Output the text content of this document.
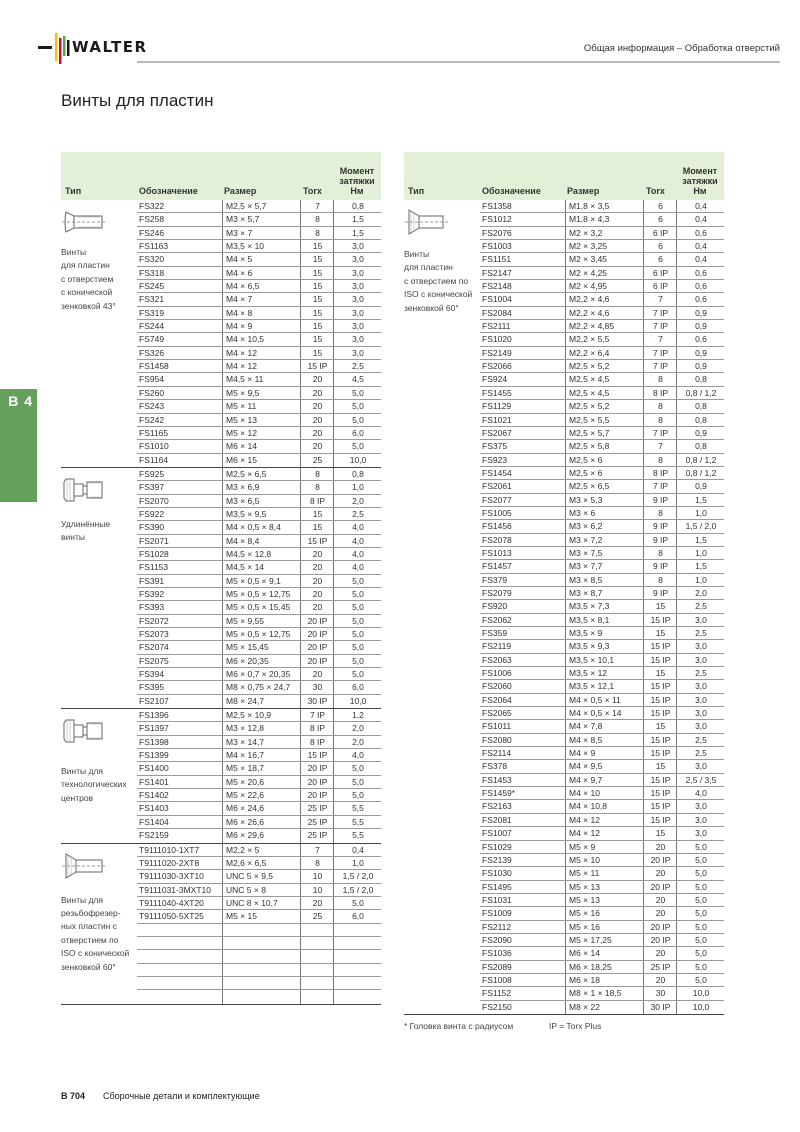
WALTER	Общая информация – Обработка отверстий
Винты для пластин
B 4
Тип	Обозначение	Размер	Torx
Момент
затяжки
Нм
Винты
для пластин
с отверстием
с конической
зенковкой 43°
FS322	M2,5 × 5,7	7	0,8
FS258	M3 × 5,7	8	1,5
FS246	M3 × 7	8	1,5
FS1163	M3,5 × 10	15	3,0
FS320	M4 × 5	15	3,0
FS318	M4 × 6	15	3,0
FS245	M4 × 6,5	15	3,0
FS321	M4 × 7	15	3,0
FS319	M4 × 8	15	3,0
FS244	M4 × 9	15	3,0
FS749	M4 × 10,5	15	3,0
FS326	M4 × 12	15	3,0
FS1458	M4 × 12	15 IP	2,5
FS954	M4,5 × 11	20	4,5
FS260	M5 × 9,5	20	5,0
FS243	M5 × 11	20	5,0
FS242	M5 × 13	20	5,0
FS1165	M5 × 12	20	6,0
FS1010	M6 × 14	20	5,0
FS1164	M6 × 15	25	10,0
Удлинённые
винты
FS925	M2,5 × 6,5	8	0,8
FS397	M3 × 6,9	8	1,0
FS2070	M3 × 6,5	8 IP	2,0
FS922	M3,5 × 9,5	15	2,5
FS390	M4 × 0,5 × 8,4	15	4,0
FS2071	M4 × 8,4	15 IP	4,0
FS1028	M4,5 × 12,8	20	4,0
FS1153	M4,5 × 14	20	4,0
FS391	M5 × 0,5 × 9,1	20	5,0
FS392	M5 × 0,5 × 12,75	20	5,0
FS393	M5 × 0,5 × 15,45	20	5,0
FS2072	M5 × 9,55	20 IP	5,0
FS2073	M5 × 0,5 × 12,75	20 IP	5,0
FS2074	M5 × 15,45	20 IP	5,0
FS2075	M6 × 20,35	20 IP	5,0
FS394	M6 × 0,7 × 20,35	20	5,0
FS395	M8 × 0,75 × 24,7	30	6,0
FS2107	M8 × 24,7	30 IP	10,0
Винты для
технологических
центров
FS1396	M2,5 × 10,9	7 IP	1,2
FS1397	M3 × 12,8	8 IP	2,0
FS1398	M3 × 14,7	8 IP	2,0
FS1399	M4 × 16,7	15 IP	4,0
FS1400	M5 × 18,7	20 IP	5,0
FS1401	M5 × 20,6	20 IP	5,0
FS1402	M5 × 22,6	20 IP	5,0
FS1403	M6 × 24,6	25 IP	5,5
FS1404	M6 × 26,6	25 IP	5,5
FS2159	M6 × 29,6	25 IP	5,5
Винты для
резьбофрезер-
ных пластин с
отверстием по
ISO с конической
зенковкой 60°
T9111010-1XT7	M2,2 × 5	7	0,4
T9111020-2XT8	M2,6 × 6,5	8	1,0
T9111030-3XT10	UNC 5 × 9,5	10	1,5 / 2,0
T9111031-3MXT10	UNC 5 × 8	10	1,5 / 2,0
T9111040-4XT20	UNC 8 × 10,7	20	5,0
T9111050-5XT25	M5 × 15	25	6,0
Тип	Обозначение	Размер	Torx
Момент
затяжки
Нм
Винты
для пластин
с отверстием по
ISO с конической
зенковкой 60°
FS1358	M1,8 × 3,5	6	0,4
FS1012	M1,8 × 4,3	6	0,4
FS2076	M2 × 3,2	6 IP	0,6
FS1003	M2 × 3,25	6	0,4
FS1151	M2 × 3,45	6	0,4
FS2147	M2 × 4,25	6 IP	0,6
FS2148	M2 × 4,95	6 IP	0,6
FS1004	M2,2 × 4,6	7	0,6
FS2084	M2,2 × 4,6	7 IP	0,9
FS2111	M2,2 × 4,85	7 IP	0,9
FS1020	M2,2 × 5,5	7	0,6
FS2149	M2,2 × 6,4	7 IP	0,9
FS2066	M2,5 × 5,2	7 IP	0,9
FS924	M2,5 × 4,5	8	0,8
FS1455	M2,5 × 4,5	8 IP	0,8 / 1,2
FS1129	M2,5 × 5,2	8	0,8
FS1021	M2,5 × 5,5	8	0,8
FS2067	M2,5 × 5,7	7 IP	0,9
FS375	M2,5 × 5,8	7	0,8
FS923	M2,5 × 6	8	0,8 / 1,2
FS1454	M2,5 × 6	8 IP	0,8 / 1,2
FS2061	M2,5 × 6,5	7 IP	0,9
FS2077	M3 × 5,3	9 IP	1,5
FS1005	M3 × 6	8	1,0
FS1456	M3 × 6,2	9 IP	1,5 / 2,0
FS2078	M3 × 7,2	9 IP	1,5
FS1013	M3 × 7,5	8	1,0
FS1457	M3 × 7,7	9 IP	1,5
FS379	M3 × 8,5	8	1,0
FS2079	M3 × 8,7	9 IP	2,0
FS920	M3,5 × 7,3	15	2,5
FS2062	M3,5 × 8,1	15 IP	3,0
FS359	M3,5 × 9	15	2,5
FS2119	M3,5 × 9,3	15 IP	3,0
FS2063	M3,5 × 10,1	15 IP	3,0
FS1006	M3,5 × 12	15	2,5
FS2060	M3,5 × 12,1	15 IP	3,0
FS2064	M4 × 0,5 × 11	15 IP	3,0
FS2065	M4 × 0,5 × 14	15 IP	3,0
FS1011	M4 × 7,8	15	3,0
FS2080	M4 × 8,5	15 IP	2,5
FS2114	M4 × 9	15 IP	2,5
FS378	M4 × 9,5	15	3,0
FS1453	M4 × 9,7	15 IP	2,5 / 3,5
FS1459*	M4 × 10	15 IP	4,0
FS2163	M4 × 10,8	15 IP	3,0
FS2081	M4 × 12	15 IP	3,0
FS1007	M4 × 12	15	3,0
FS1029	M5 × 9	20	5,0
FS2139	M5 × 10	20 IP	5,0
FS1030	M5 × 11	20	5,0
FS1495	M5 × 13	20 IP	5,0
FS1031	M5 × 13	20	5,0
FS1009	M5 × 16	20	5,0
FS2112	M5 × 16	20 IP	5,0
FS2090	M5 × 17,25	20 IP	5,0
FS1036	M6 × 14	20	5,0
FS2089	M6 × 18,25	25 IP	5,0
FS1008	M6 × 18	20	5,0
FS1152	M8 × 1 × 18,5	30	10,0
FS2150	M8 × 22	30 IP	10,0
* Головка винта с радиусом	IP = Torx Plus
B 704 Сборочные детали и комплектующие
